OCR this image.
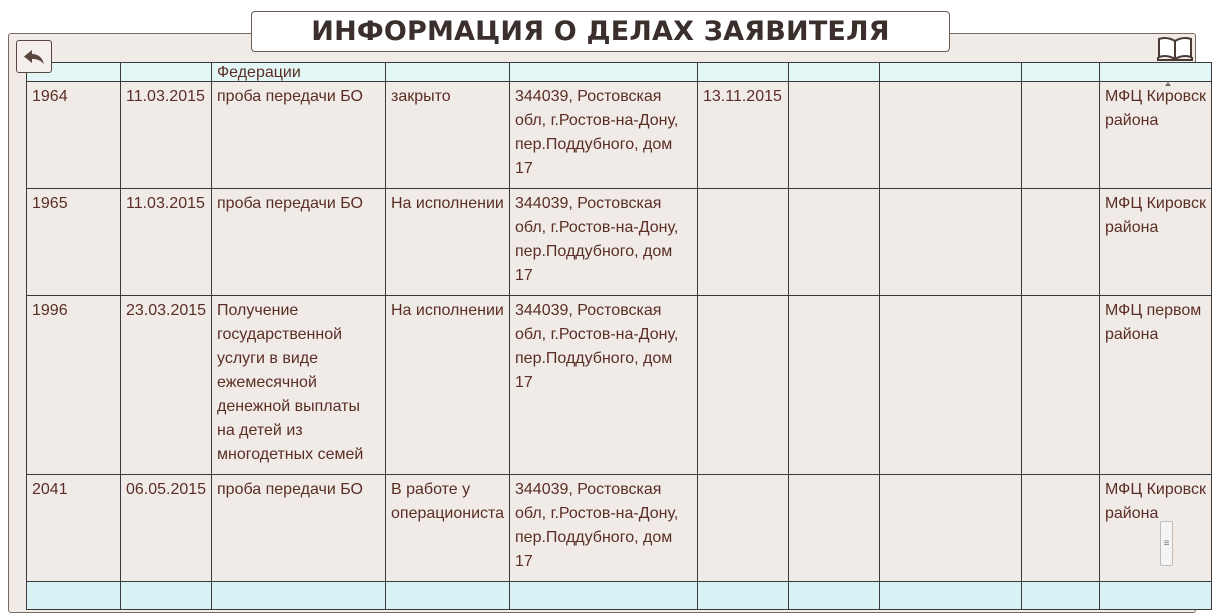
ИНФОРМАЦИЯ О ДЕЛАХ ЗАЯВИТЕЛЯ
		Федерации							
1964	11.03.2015	проба передачи БО	закрыто	344039, Ростовская обл, г.Ростов-на-Дону, пер.Поддубного, дом 17	13.11.2015				МФЦ Кировск района
1965	11.03.2015	проба передачи БО	На исполнении	344039, Ростовская обл, г.Ростов-на-Дону, пер.Поддубного, дом 17					МФЦ Кировск района
1996	23.03.2015	Получение государственной услуги в виде ежемесячной денежной выплаты на детей из многодетных семей	На исполнении	344039, Ростовская обл, г.Ростов-на-Дону, пер.Поддубного, дом 17					МФЦ первом района
2041	06.05.2015	проба передачи БО	В работе у операциониста	344039, Ростовская обл, г.Ростов-на-Дону, пер.Поддубного, дом 17					МФЦ Кировск района

≡
